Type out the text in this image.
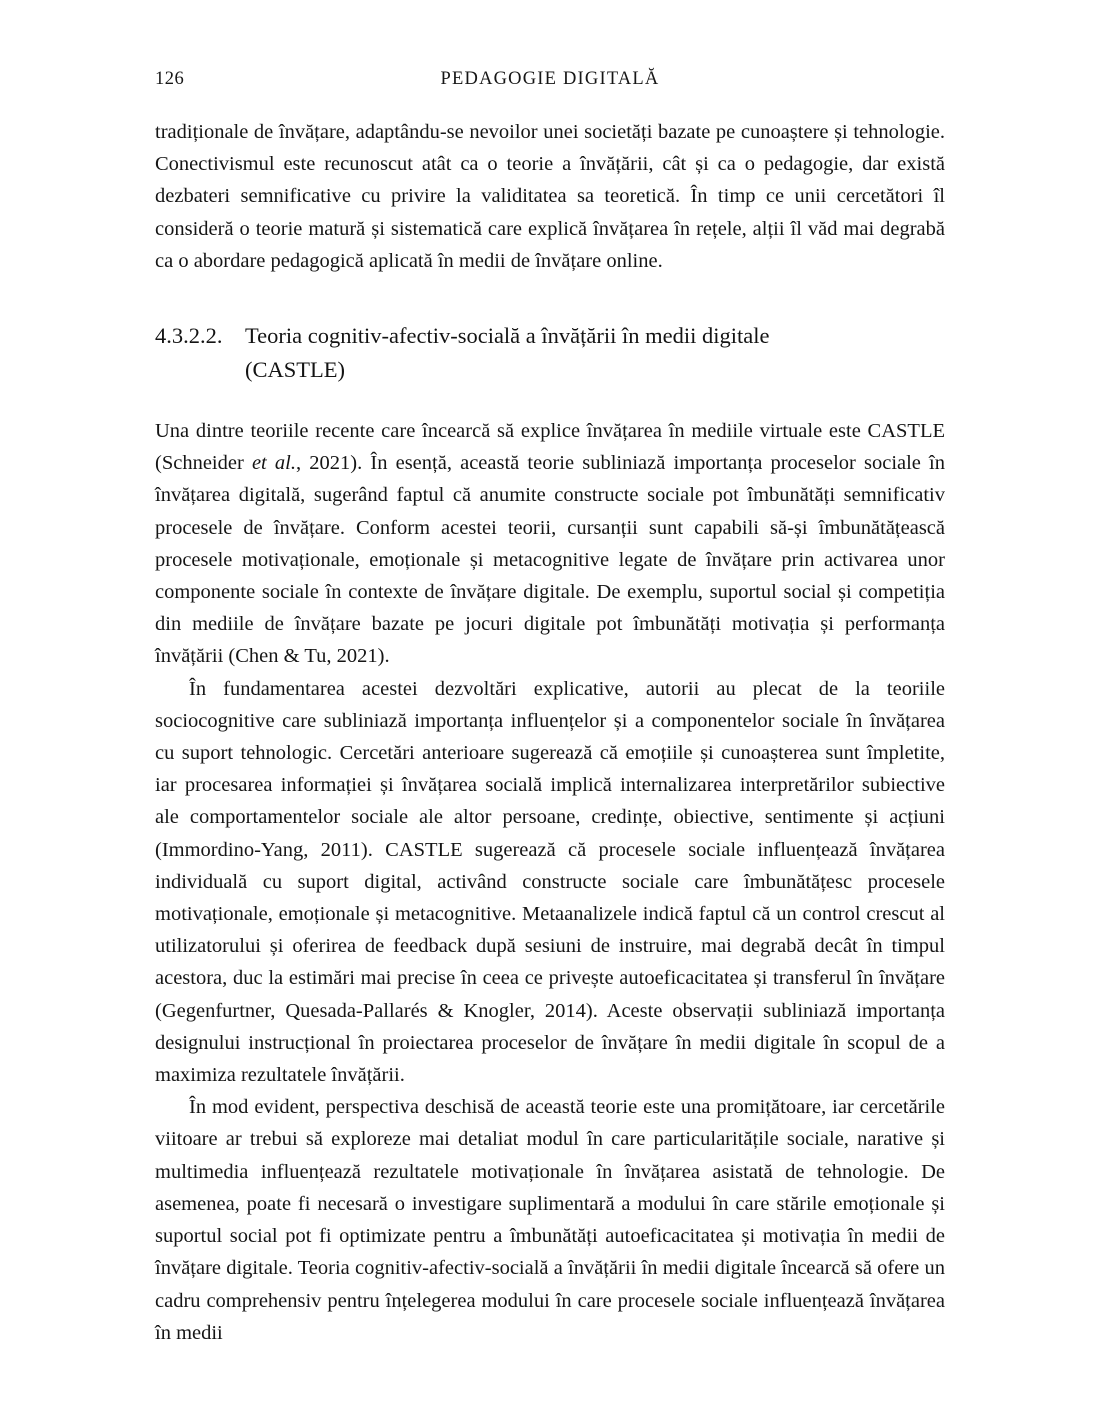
126	PEDAGOGIE DIGITALĂ

tradiționale de învățare, adaptându-se nevoilor unei societăți bazate pe cunoaștere și tehnologie. Conectivismul este recunoscut atât ca o teorie a învățării, cât și ca o pedagogie, dar există dezbateri semnificative cu privire la validitatea sa teoretică. În timp ce unii cercetători îl consideră o teorie matură și sistematică care explică învățarea în rețele, alții îl văd mai degrabă ca o abordare pedagogică aplicată în medii de învățare online.

4.3.2.2.	Teoria cognitiv-afectiv-socială a învățării în medii digitale
(CASTLE)

Una dintre teoriile recente care încearcă să explice învățarea în mediile virtuale este CASTLE (Schneider et al., 2021). În esență, această teorie subliniază importanța proceselor sociale în învățarea digitală, sugerând faptul că anumite constructe sociale pot îmbunătăți semnificativ procesele de învățare. Conform acestei teorii, cursanții sunt capabili să-și îmbunătățească procesele motivaționale, emoționale și metacognitive legate de învățare prin activarea unor componente sociale în contexte de învățare digitale. De exemplu, suportul social și competiția din mediile de învățare bazate pe jocuri digitale pot îmbunătăți motivația și performanța învățării (Chen & Tu, 2021).

În fundamentarea acestei dezvoltări explicative, autorii au plecat de la teoriile sociocognitive care subliniază importanța influențelor și a componentelor sociale în învățarea cu suport tehnologic. Cercetări anterioare sugerează că emoțiile și cunoașterea sunt împletite, iar procesarea informației și învățarea socială implică internalizarea interpretărilor subiective ale comportamentelor sociale ale altor persoane, credințe, obiective, sentimente și acțiuni (Immordino-Yang, 2011). CASTLE sugerează că procesele sociale influențează învățarea individuală cu suport digital, activând constructe sociale care îmbunătățesc procesele motivaționale, emoționale și metacognitive. Metaanalizele indică faptul că un control crescut al utilizatorului și oferirea de feedback după sesiuni de instruire, mai degrabă decât în timpul acestora, duc la estimări mai precise în ceea ce privește autoeficacitatea și transferul în învățare (Gegenfurtner, Quesada-Pallarés & Knogler, 2014). Aceste observații subliniază importanța designului instrucțional în proiectarea proceselor de învățare în medii digitale în scopul de a maximiza rezultatele învățării.

În mod evident, perspectiva deschisă de această teorie este una promițătoare, iar cercetările viitoare ar trebui să exploreze mai detaliat modul în care particularitățile sociale, narative și multimedia influențează rezultatele motivaționale în învățarea asistată de tehnologie. De asemenea, poate fi necesară o investigare suplimentară a modului în care stările emoționale și suportul social pot fi optimizate pentru a îmbunătăți autoeficacitatea și motivația în medii de învățare digitale. Teoria cognitiv-afectiv-socială a învățării în medii digitale încearcă să ofere un cadru comprehensiv pentru înțelegerea modului în care procesele sociale influențează învățarea în medii
